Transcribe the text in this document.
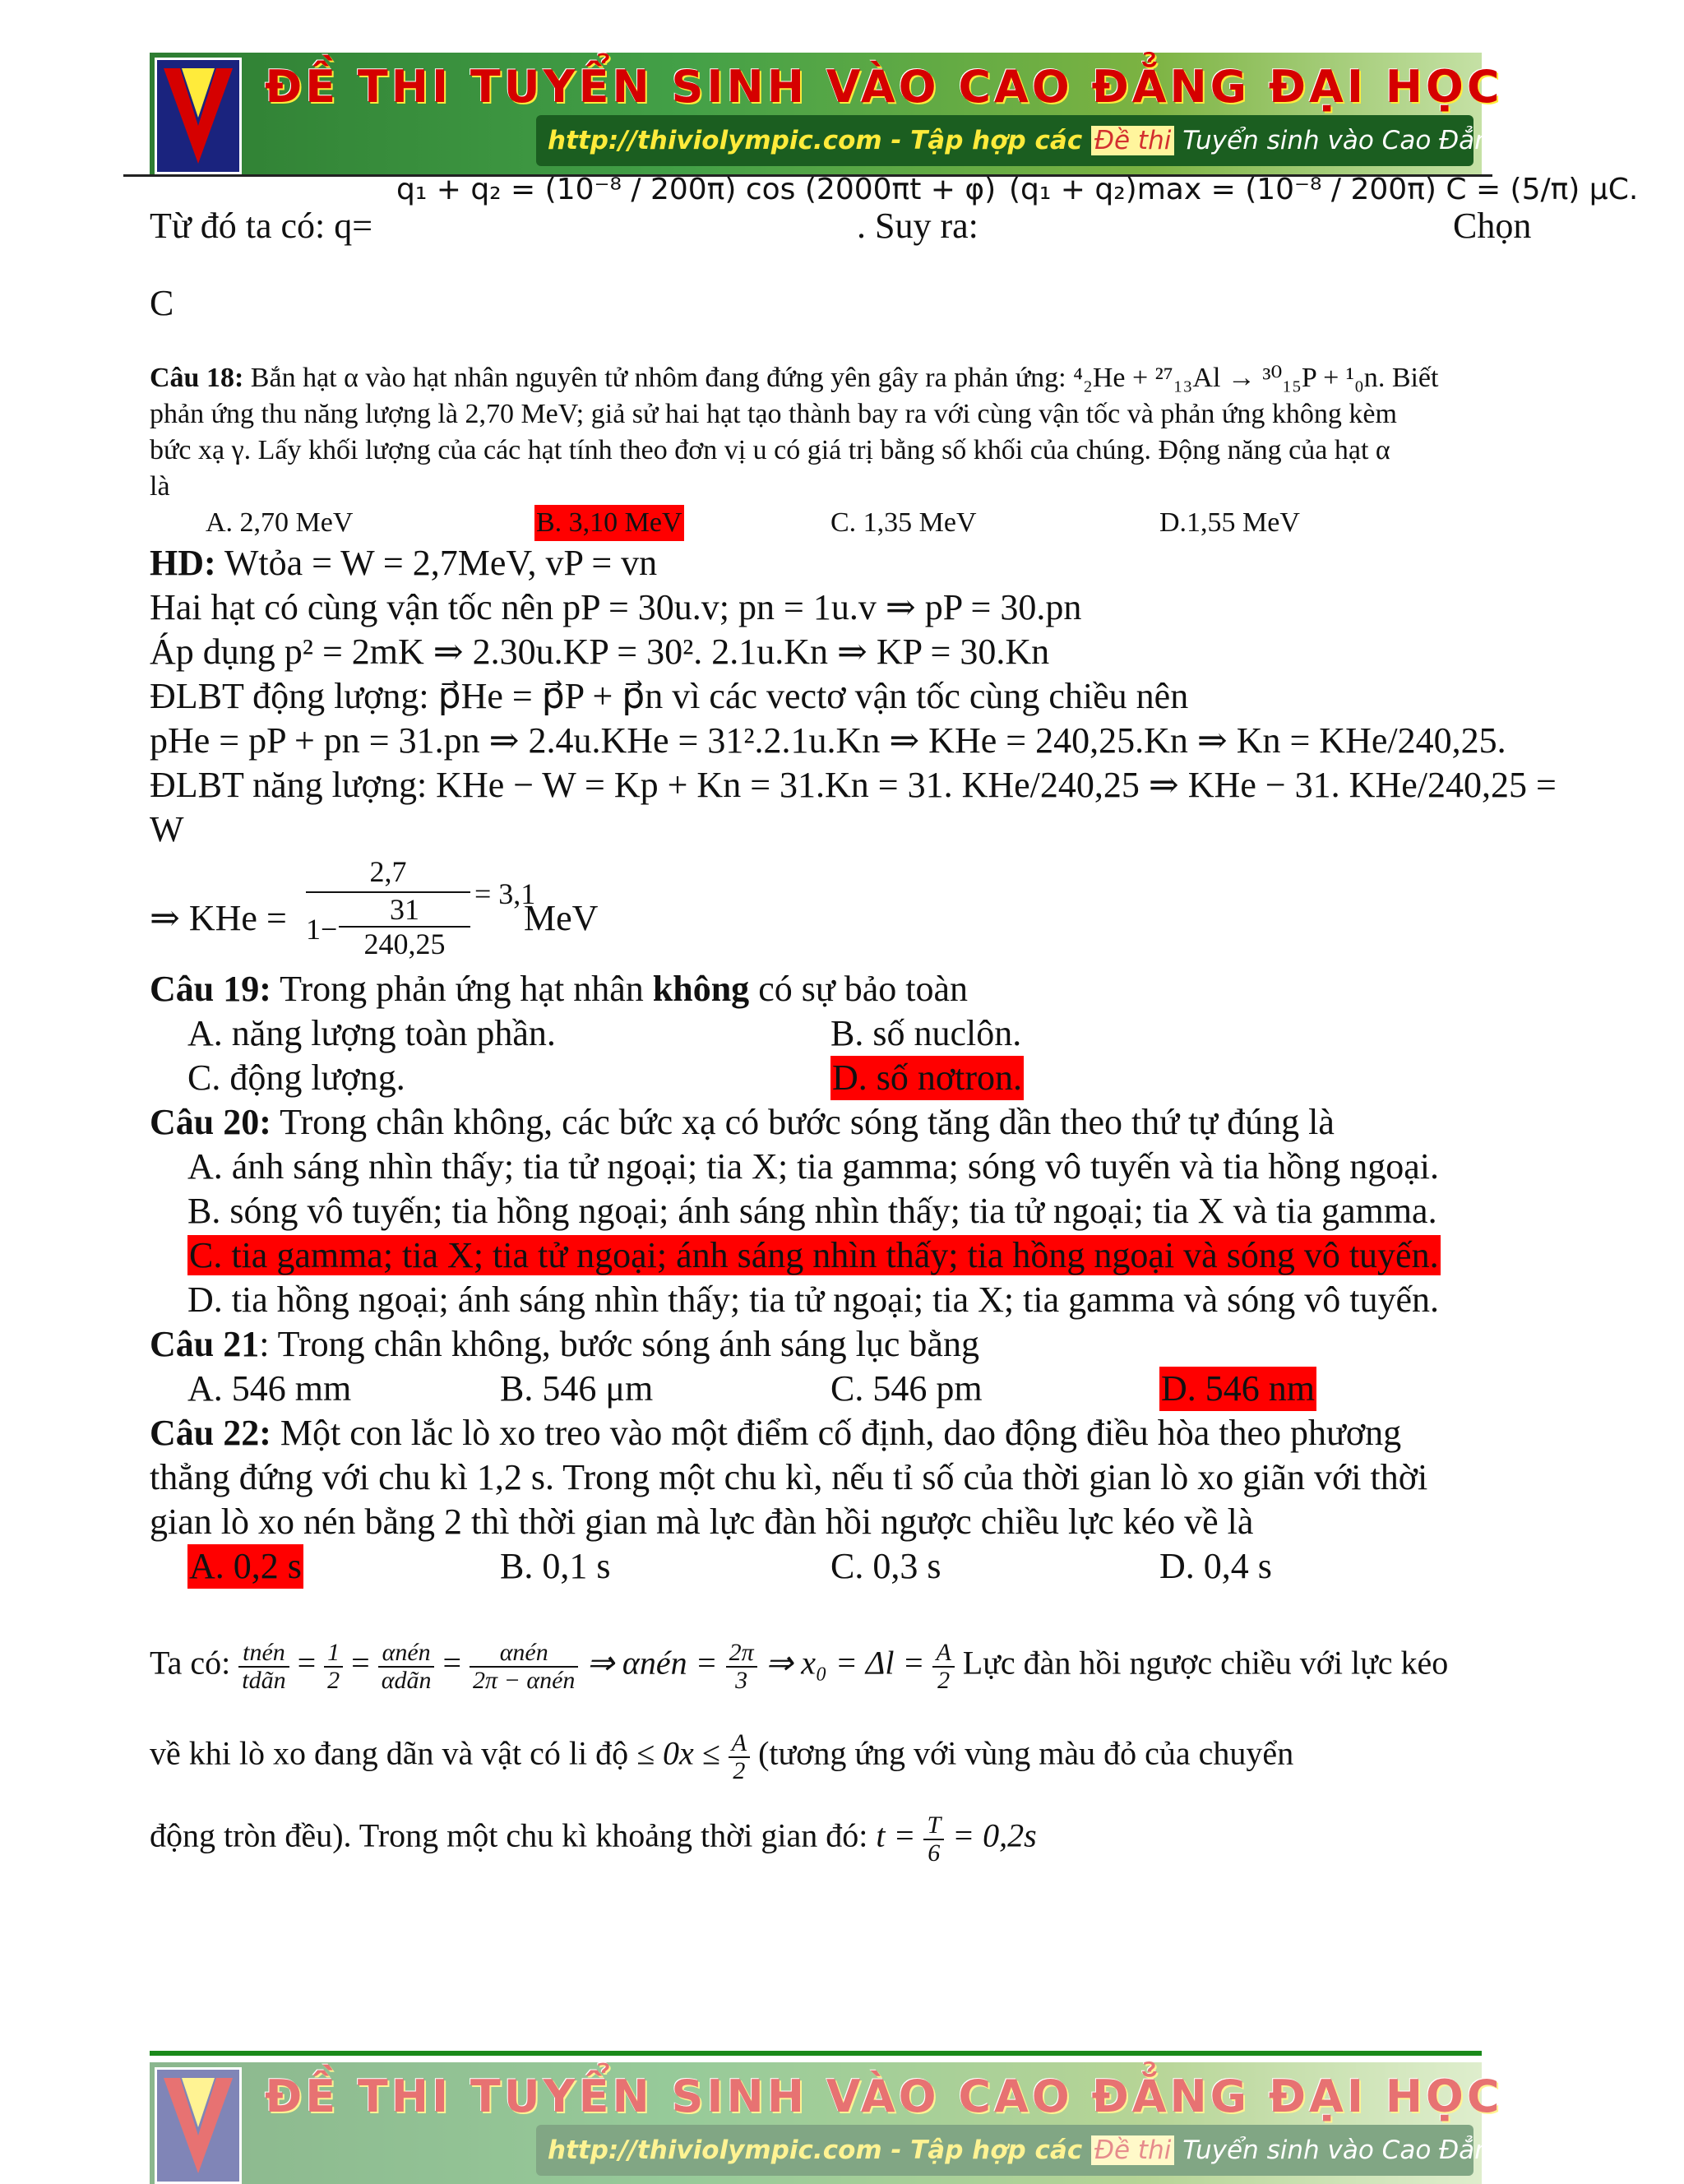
ĐỀ THI TUYỂN SINH VÀO CAO ĐẲNG ĐẠI HỌC
http://thiviolympic.com - Tập hợp các Đề thi Tuyển sinh vào Cao Đẳng Đại học -
Từ đó ta có: q=
q₁ + q₂ = (10⁻⁸ / 200π) cos (2000πt + φ)
. Suy ra:
(q₁ + q₂)max = (10⁻⁸ / 200π) C = (5/π) μC.
Chọn
C
Câu 18: Bắn hạt α vào hạt nhân nguyên tử nhôm đang đứng yên gây ra phản ứng: ⁴₂He + ²⁷₁₃Al → ³⁰₁₅P + ¹₀n. Biết
phản ứng thu năng lượng là 2,70 MeV; giả sử hai hạt tạo thành bay ra với cùng vận tốc và phản ứng không kèm
bức xạ γ. Lấy khối lượng của các hạt tính theo đơn vị u có giá trị bằng số khối của chúng. Động năng của hạt α
là
A. 2,70 MeV	B. 3,10 MeV	C. 1,35 MeV	D.1,55 MeV
HD: Wtỏa = W = 2,7MeV, vP = vn
Hai hạt có cùng vận tốc nên pP = 30u.v; pn = 1u.v ⇒ pP = 30.pn
Áp dụng p² = 2mK ⇒ 2.30u.KP = 30². 2.1u.Kn ⇒ KP = 30.Kn
ĐLBT động lượng: p⃗He = p⃗P + p⃗n vì các vectơ vận tốc cùng chiều nên
pHe = pP + pn = 31.pn ⇒ 2.4u.KHe = 31².2.1u.Kn ⇒ KHe = 240,25.Kn ⇒ Kn = KHe/240,25.
ĐLBT năng lượng: KHe − W = Kp + Kn = 31.Kn = 31. KHe/240,25 ⇒ KHe − 31. KHe/240,25 =
W
⇒ KHe =
2,7
1−
31
240,25
= 3,1
MeV
Câu 19: Trong phản ứng hạt nhân không có sự bảo toàn
A. năng lượng toàn phần.	B. số nuclôn.
C. động lượng.	D. số nơtron.
Câu 20: Trong chân không, các bức xạ có bước sóng tăng dần theo thứ tự đúng là
A. ánh sáng nhìn thấy; tia tử ngoại; tia X; tia gamma; sóng vô tuyến và tia hồng ngoại.
B. sóng vô tuyến; tia hồng ngoại; ánh sáng nhìn thấy; tia tử ngoại; tia X và tia gamma.
C. tia gamma; tia X; tia tử ngoại; ánh sáng nhìn thấy; tia hồng ngoại và sóng vô tuyến.
D. tia hồng ngoại; ánh sáng nhìn thấy; tia tử ngoại; tia X; tia gamma và sóng vô tuyến.
Câu 21: Trong chân không, bước sóng ánh sáng lục bằng
A. 546 mm	B. 546 μm	C. 546 pm	D. 546 nm
Câu 22: Một con lắc lò xo treo vào một điểm cố định, dao động điều hòa theo phương
thẳng đứng với chu kì 1,2 s. Trong một chu kì, nếu tỉ số của thời gian lò xo giãn với thời
gian lò xo nén bằng 2 thì thời gian mà lực đàn hồi ngược chiều lực kéo về là
A. 0,2 s	B. 0,1 s	C. 0,3 s	D. 0,4 s
Ta có: $\frac{\text{tnén}}{\text{tdãn}} = \frac{1}{2} = \frac{\text{αnén}}{\text{αdãn}} = \frac{\text{αnén}}{\text{2π − αnén}}$ ⇒ αnén = $\frac{2\pi}{3}$ ⇒ $x_0 = \Delta l = \frac{A}{2}$ Lực đàn hồi ngược chiều với lực kéo
về khi lò xo đang dãn và vật có li độ ≤ $0x \le \frac{A}{2}$ (tương ứng với vùng màu đỏ của chuyển
động tròn đều). Trong một chu kì khoảng thời gian đó: $t = \frac{T}{6} = 0,2s$
ĐỀ THI TUYỂN SINH VÀO CAO ĐẲNG ĐẠI HỌC
http://thiviolympic.com - Tập hợp các Đề thi Tuyển sinh vào Cao Đẳng Đại học -
